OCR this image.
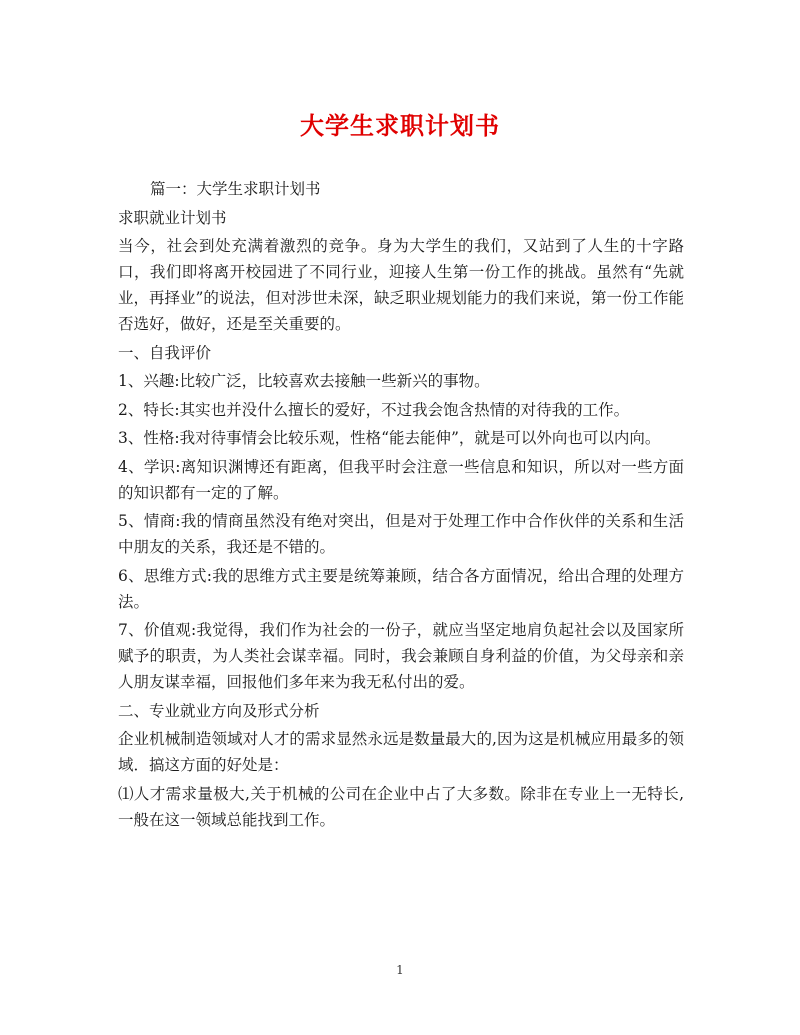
大学生求职计划书

篇一：大学生求职计划书

求职就业计划书

当今，社会到处充满着激烈的竞争。身为大学生的我们，又站到了人生的十字路口，我们即将离开校园进了不同行业，迎接人生第一份工作的挑战。虽然有“先就业，再择业”的说法，但对涉世未深，缺乏职业规划能力的我们来说，第一份工作能否选好，做好，还是至关重要的。

一、自我评价

1、兴趣:比较广泛，比较喜欢去接触一些新兴的事物。

2、特长:其实也并没什么擅长的爱好，不过我会饱含热情的对待我的工作。

3、性格:我对待事情会比较乐观，性格“能去能伸”，就是可以外向也可以内向。

4、学识:离知识渊博还有距离，但我平时会注意一些信息和知识，所以对一些方面的知识都有一定的了解。

5、情商:我的情商虽然没有绝对突出，但是对于处理工作中合作伙伴的关系和生活中朋友的关系，我还是不错的。

6、思维方式:我的思维方式主要是统筹兼顾，结合各方面情况，给出合理的处理方法。

7、价值观:我觉得，我们作为社会的一份子，就应当坚定地肩负起社会以及国家所赋予的职责，为人类社会谋幸福。同时，我会兼顾自身利益的价值，为父母亲和亲人朋友谋幸福，回报他们多年来为我无私付出的爱。

二、专业就业方向及形式分析

企业机械制造领域对人才的需求显然永远是数量最大的,因为这是机械应用最多的领域．搞这方面的好处是：

⑴人才需求量极大,关于机械的公司在企业中占了大多数。除非在专业上一无特长,一般在这一领域总能找到工作。

1
